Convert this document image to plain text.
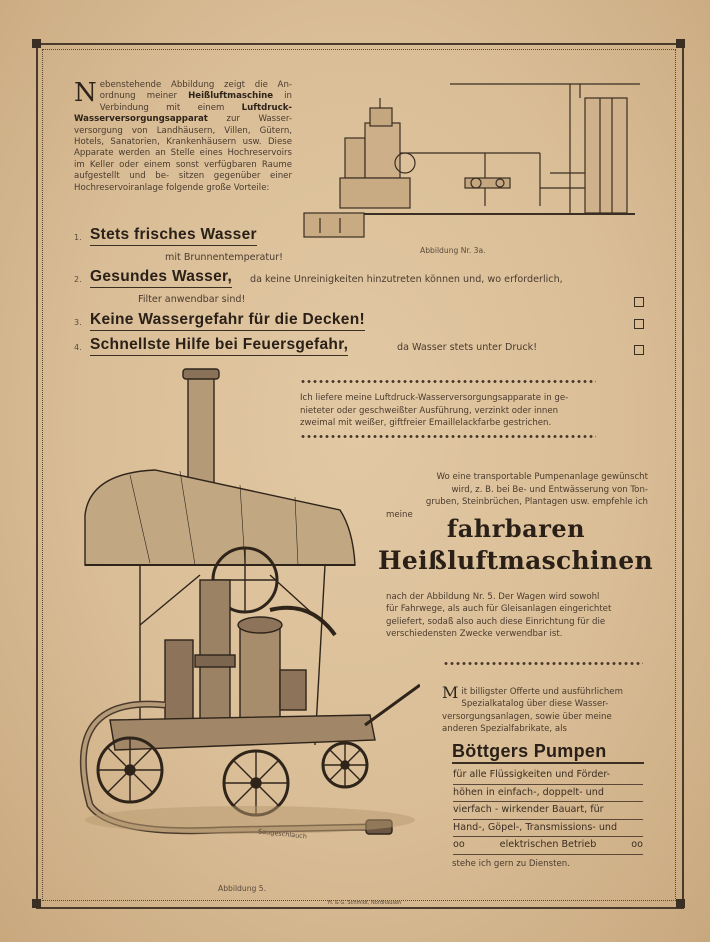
N ebenstehende Abbildung zeigt die An- ordnung meiner Heißluftmaschine in Verbindung mit einem Luftdruck- Wasserversorgungsapparat zur Wasser- versorgung von Landhäusern, Villen, Gütern, Hotels, Sanatorien, Krankenhäusern usw. Diese Apparate werden an Stelle eines Hochreservoirs im Keller oder einem sonst verfügbaren Raume aufgestellt und be- sitzen gegenüber einer Hochreservoiranlage folgende große Vorteile:
Abbildung Nr. 3a.
1. Stets frisches Wasser
mit Brunnentemperatur!
2. Gesundes Wasser, da keine Unreinigkeiten hinzutreten können und, wo erforderlich,
Filter anwendbar sind!
3. Keine Wassergefahr für die Decken!
4. Schnellste Hilfe bei Feuersgefahr,	da Wasser stets unter Druck!
Ich liefere meine Luftdruck-Wasserversorgungsapparate in ge-
nieteter oder geschweißter Ausführung, verzinkt oder innen
zweimal mit weißer, giftfreier Emaillelackfarbe gestrichen.
Wo eine transportable Pumpenanlage gewünscht
wird, z. B. bei Be- und Entwässerung von Ton-
gruben, Steinbrüchen, Plantagen usw. empfehle ich
meine	fahrbaren
Heißluftmaschinen
nach der Abbildung Nr. 5. Der Wagen wird sowohl
für Fahrwege, als auch für Gleisanlagen eingerichtet
geliefert, sodaß also auch diese Einrichtung für die
verschiedensten Zwecke verwendbar ist.
M it billigster Offerte und ausführlichem
Spezialkatalog über diese Wasser-
versorgungsanlagen, sowie über meine
anderen Spezialfabrikate, als
Böttgers Pumpen
für alle Flüssigkeiten und Förder-
höhen in einfach-, doppelt- und
vierfach - wirkender Bauart, für
Hand-, Göpel-, Transmissions- und
oo	elektrischen Betrieb	oo
stehe ich gern zu Diensten.
Saugeschlauch
Abbildung 5.
H. & G. Schmidt, Nordhausen
